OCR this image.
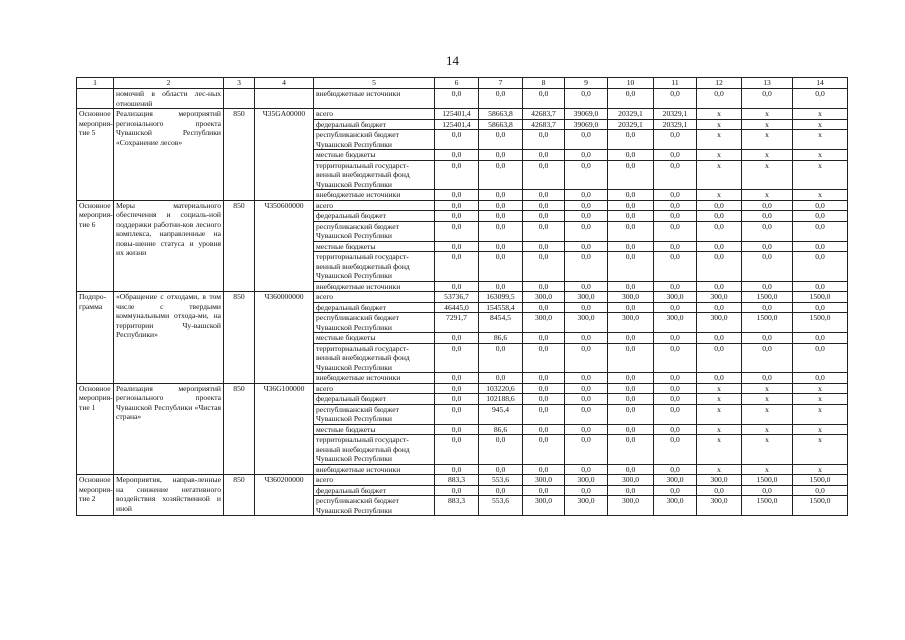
14
1	2	3	4	5	6	7	8	9	10	11	12	13	14
	номочий в области лес-ных отношений			внебюджетные источники	0,0	0,0	0,0	0,0	0,0	0,0	0,0	0,0	0,0
Основное мероприя-тие 5	Реализация мероприятий регионального проекта Чувашской Республики «Сохранение лесов»	850	Ч35GA00000	всего	125401,4	58663,8	42683,7	39069,0	20329,1	20329,1	x	x	x
				федеральный бюджет	125401,4	58663,8	42683,7	39069,0	20329,1	20329,1	x	x	x
				республиканский бюджет Чувашской Республики	0,0	0,0	0,0	0,0	0,0	0,0	x	x	x
				местные бюджеты	0,0	0,0	0,0	0,0	0,0	0,0	x	x	x
				территориальный государст-венный внебюджетный фонд Чувашской Республики	0,0	0,0	0,0	0,0	0,0	0,0	x	x	x
				внебюджетные источники	0,0	0,0	0,0	0,0	0,0	0,0	x	x	x
Основное мероприя-тие 6	Меры материального обеспечения и социаль-ной поддержки работни-ков лесного комплекса, направленные на повы-шение статуса и уровня их жизни	850	Ч350600000	всего	0,0	0,0	0,0	0,0	0,0	0,0	0,0	0,0	0,0
				федеральный бюджет	0,0	0,0	0,0	0,0	0,0	0,0	0,0	0,0	0,0
				республиканский бюджет Чувашской Республики	0,0	0,0	0,0	0,0	0,0	0,0	0,0	0,0	0,0
				местные бюджеты	0,0	0,0	0,0	0,0	0,0	0,0	0,0	0,0	0,0
				территориальный государст-венный внебюджетный фонд Чувашской Республики	0,0	0,0	0,0	0,0	0,0	0,0	0,0	0,0	0,0
				внебюджетные источники	0,0	0,0	0,0	0,0	0,0	0,0	0,0	0,0	0,0
Подпро-грамма	«Обращение с отходами, в том числе с твердыми коммунальными отхода-ми, на территории Чу-вашской Республики»	850	Ч360000000	всего	53736,7	163099,5	300,0	300,0	300,0	300,0	300,0	1500,0	1500,0
				федеральный бюджет	46445,0	154558,4	0,0	0,0	0,0	0,0	0,0	0,0	0,0
				республиканский бюджет Чувашской Республики	7291,7	8454,5	300,0	300,0	300,0	300,0	300,0	1500,0	1500,0
				местные бюджеты	0,0	86,6	0,0	0,0	0,0	0,0	0,0	0,0	0,0
				территориальный государст-венный внебюджетный фонд Чувашской Республики	0,0	0,0	0,0	0,0	0,0	0,0	0,0	0,0	0,0
				внебюджетные источники	0,0	0,0	0,0	0,0	0,0	0,0	0,0	0,0	0,0
Основное мероприя-тие 1	Реализация мероприятий регионального проекта Чувашской Республики «Чистая страна»	850	Ч36G100000	всего	0,0	103220,6	0,0	0,0	0,0	0,0	x	x	x
				федеральный бюджет	0,0	102188,6	0,0	0,0	0,0	0,0	x	x	x
				республиканский бюджет Чувашской Республики	0,0	945,4	0,0	0,0	0,0	0,0	x	x	x
				местные бюджеты	0,0	86,6	0,0	0,0	0,0	0,0	x	x	x
				территориальный государст-венный внебюджетный фонд Чувашской Республики	0,0	0,0	0,0	0,0	0,0	0,0	x	x	x
				внебюджетные источники	0,0	0,0	0,0	0,0	0,0	0,0	x	x	x
Основное мероприя-тие 2	Мероприятия, направ-ленные на снижение негативного воздействия хозяйственной и иной	850	Ч360200000	всего	883,3	553,6	300,0	300,0	300,0	300,0	300,0	1500,0	1500,0
				федеральный бюджет	0,0	0,0	0,0	0,0	0,0	0,0	0,0	0,0	0,0
				республиканский бюджет Чувашской Республики	883,3	553,6	300,0	300,0	300,0	300,0	300,0	1500,0	1500,0
